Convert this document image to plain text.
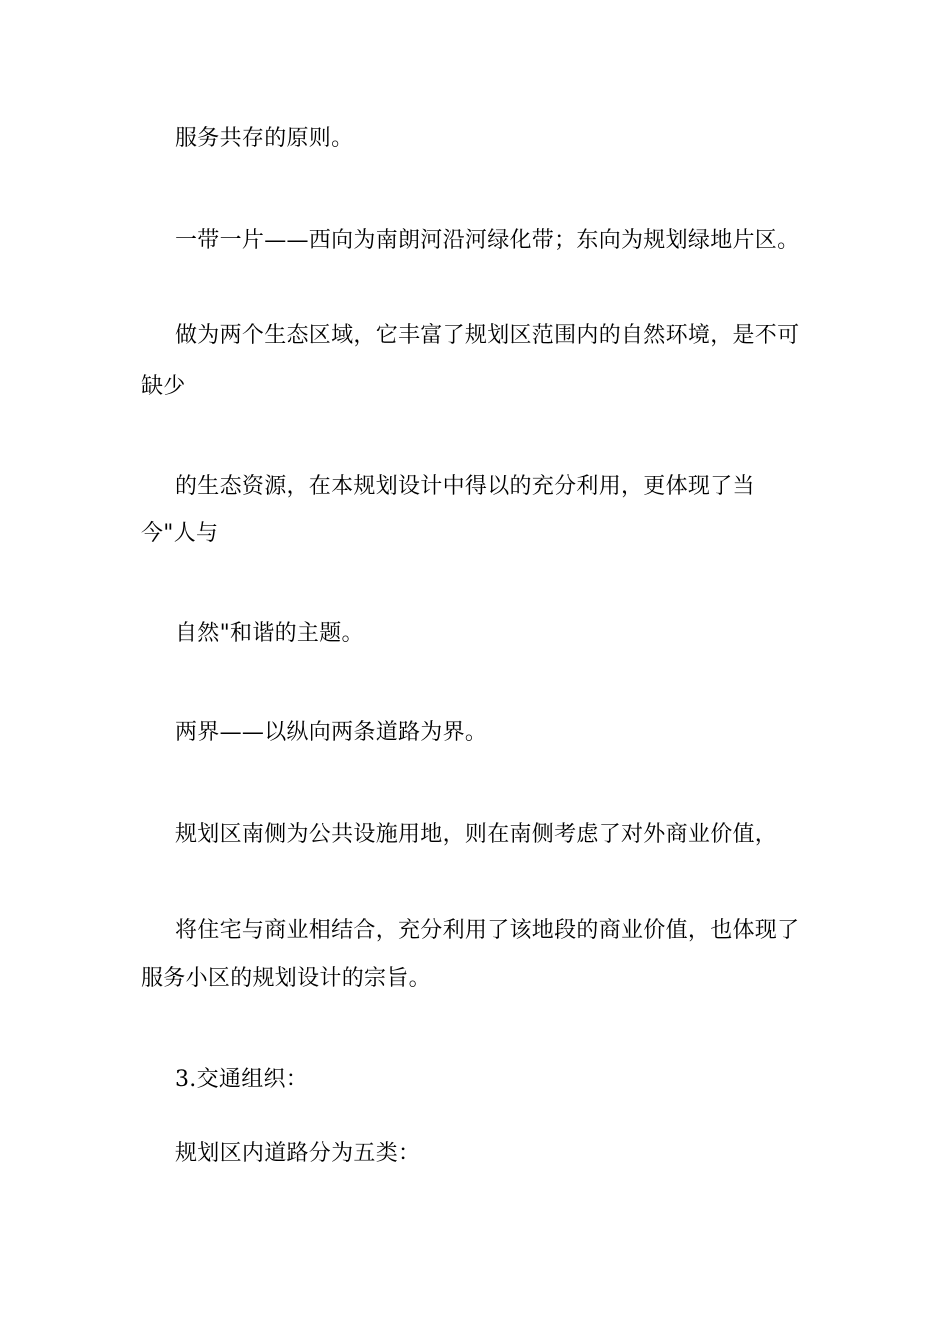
服务共存的原则。
一带一片——西向为南朗河沿河绿化带；东向为规划绿地片区。
做为两个生态区域，它丰富了规划区范围内的自然环境，是不可
缺少
的生态资源，在本规划设计中得以的充分利用，更体现了当
今"人与
自然"和谐的主题。
两界——以纵向两条道路为界。
规划区南侧为公共设施用地，则在南侧考虑了对外商业价值，
将住宅与商业相结合，充分利用了该地段的商业价值，也体现了
服务小区的规划设计的宗旨。
3.交通组织：
规划区内道路分为五类：
